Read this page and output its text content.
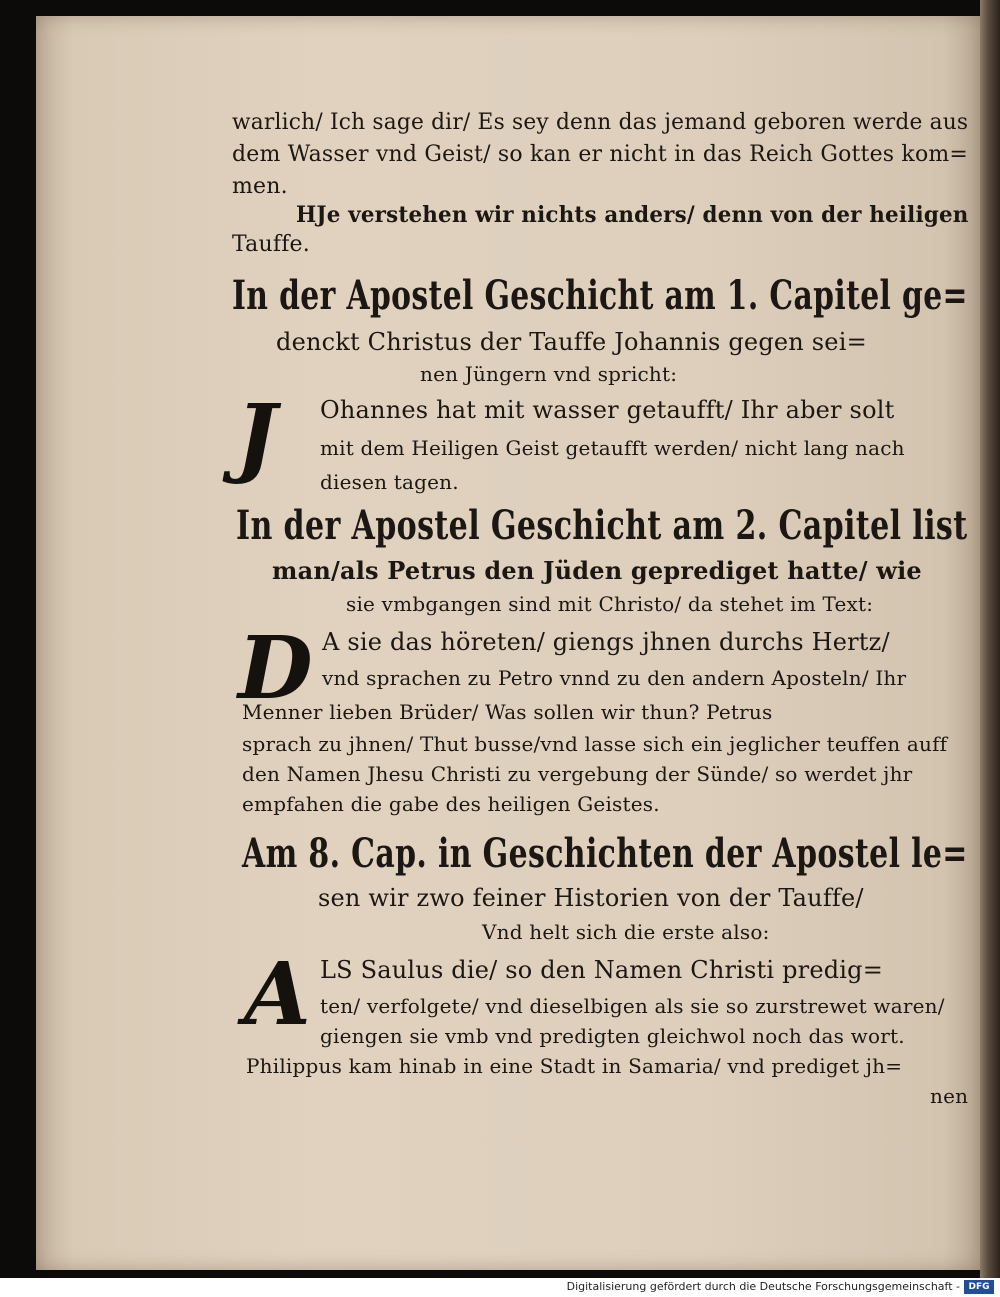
warlich/ Ich sage dir/ Es sey denn das jemand geboren werde aus
dem Wasser vnd Geist/ so kan er nicht in das Reich Gottes kom=
men.
HJe verstehen wir nichts anders/ denn von der heiligen
Tauffe.
In der Apostel Geschicht am 1. Capitel ge=
denckt Christus der Tauffe Johannis gegen sei=
nen Jüngern vnd spricht:
J Ohannes hat mit wasser getaufft/ Ihr aber solt
mit dem Heiligen Geist getaufft werden/ nicht lang nach
diesen tagen.
In der Apostel Geschicht am 2. Capitel list
man/als Petrus den Jüden geprediget hatte/ wie
sie vmbgangen sind mit Christo/ da stehet im Text:
D A sie das höreten/ giengs jhnen durchs Hertz/
vnd sprachen zu Petro vnnd zu den andern Aposteln/ Ihr
Menner lieben Brüder/ Was sollen wir thun? Petrus
sprach zu jhnen/ Thut busse/vnd lasse sich ein jeglicher teuffen auff
den Namen Jhesu Christi zu vergebung der Sünde/ so werdet jhr
empfahen die gabe des heiligen Geistes.
Am 8. Cap. in Geschichten der Apostel le=
sen wir zwo feiner Historien von der Tauffe/
Vnd helt sich die erste also:
A LS Saulus die/ so den Namen Christi predig=
ten/ verfolgete/ vnd dieselbigen als sie so zurstrewet waren/
giengen sie vmb vnd predigten gleichwol noch das wort.
Philippus kam hinab in eine Stadt in Samaria/ vnd prediget jh=
nen
Digitalisierung gefördert durch die Deutsche Forschungsgemeinschaft - DFG
